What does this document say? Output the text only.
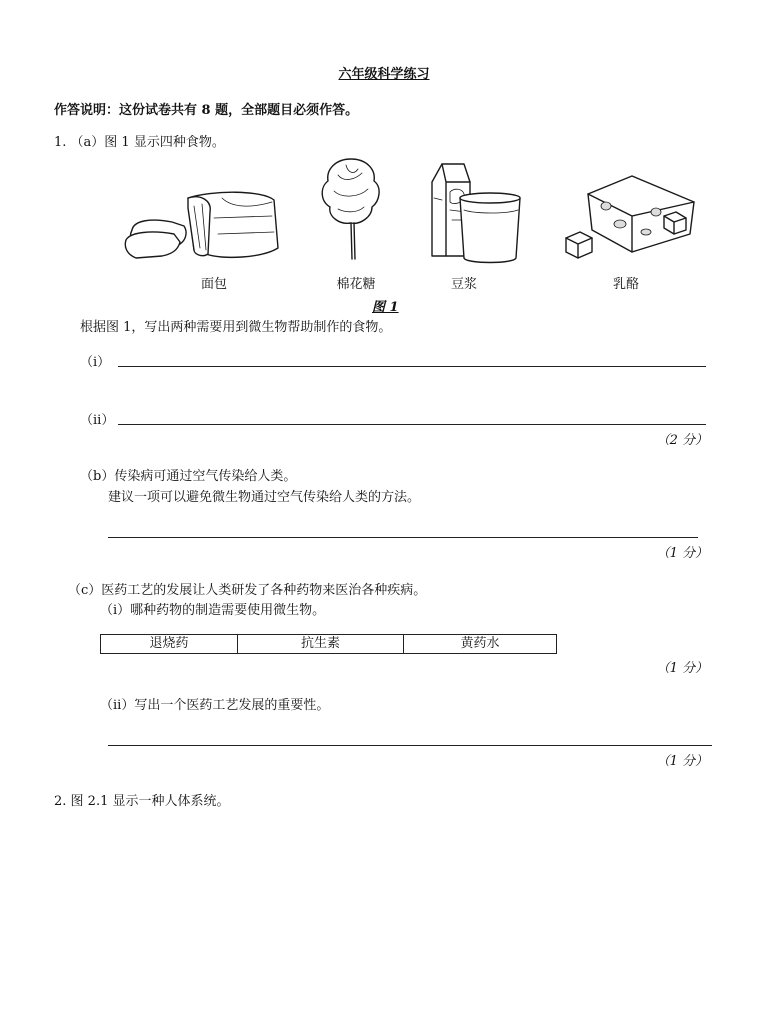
六年级科学练习
作答说明：这份试卷共有 8 题，全部题目必须作答。
1. （a）图 1 显示四种食物。
面包	棉花糖	豆浆	乳酪
图 1
根据图 1，写出两种需要用到微生物帮助制作的食物。
（i）
（ii）
（2 分）
（b）传染病可通过空气传染给人类。
建议一项可以避免微生物通过空气传染给人类的方法。
（1 分）
（c）医药工艺的发展让人类研发了各种药物来医治各种疾病。
（i）哪种药物的制造需要使用微生物。
退烧药	抗生素	黄药水
（1 分）
（ii）写出一个医药工艺发展的重要性。
（1 分）
2. 图 2.1 显示一种人体系统。
